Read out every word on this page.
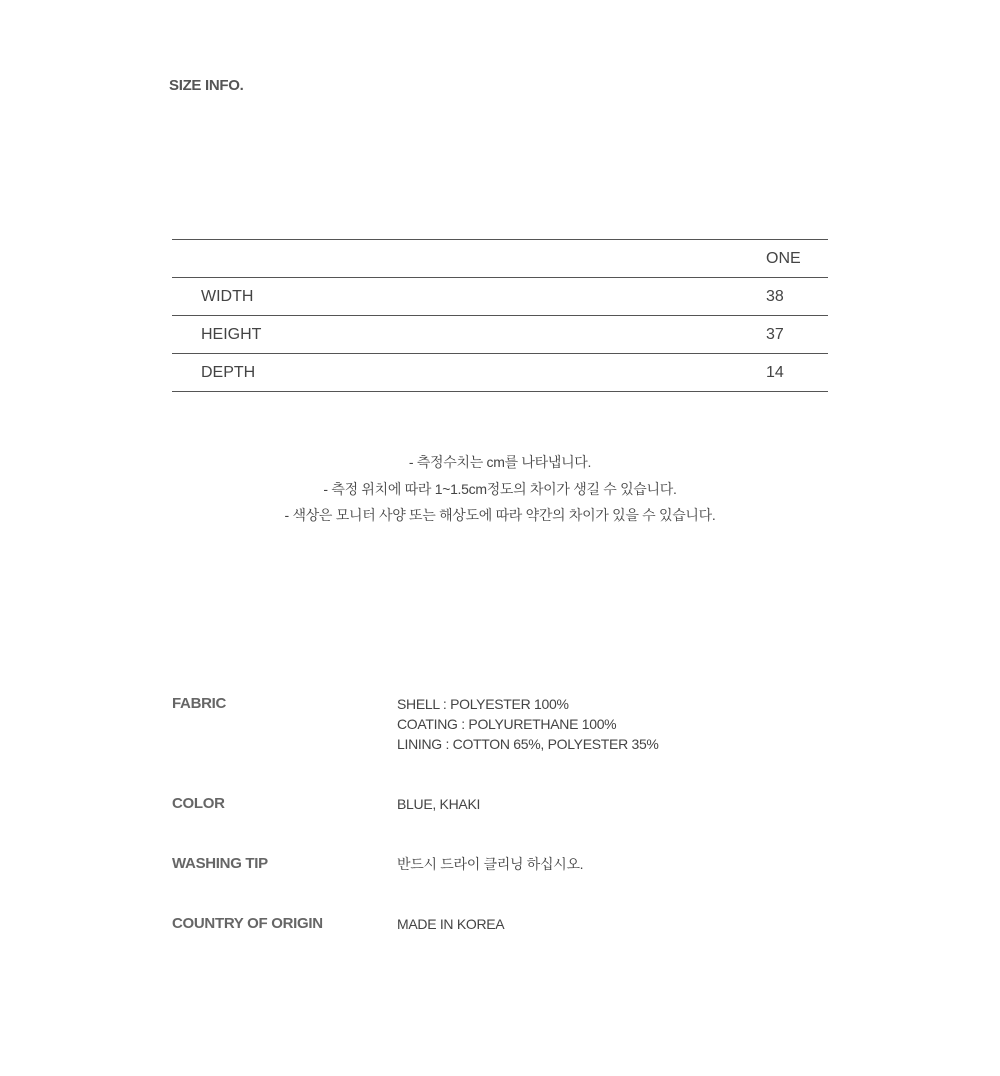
SIZE INFO.
	ONE
WIDTH	38
HEIGHT	37
DEPTH	14
- 측정수치는 cm를 나타냅니다.
- 측정 위치에 따라 1~1.5cm정도의 차이가 생길 수 있습니다.
- 색상은 모니터 사양 또는 해상도에 따라 약간의 차이가 있을 수 있습니다.
FABRIC	SHELL : POLYESTER 100%
COATING : POLYURETHANE 100%
LINING : COTTON 65%, POLYESTER 35%
COLOR	BLUE, KHAKI
WASHING TIP	반드시 드라이 클리닝 하십시오.
COUNTRY OF ORIGIN	MADE IN KOREA
